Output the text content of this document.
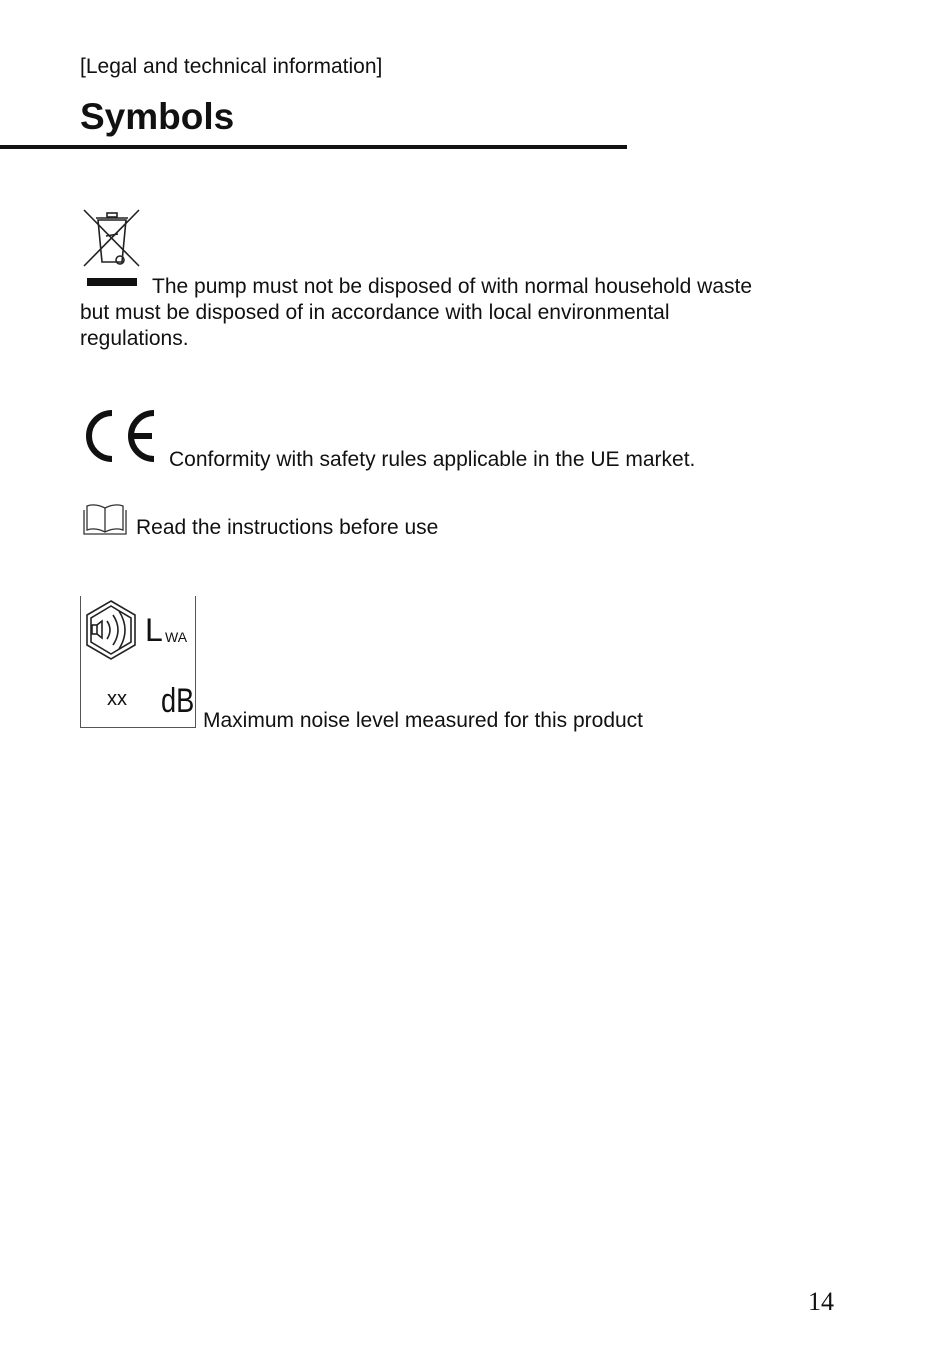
[Legal and technical information]
Symbols
The pump must not be disposed of with normal household waste
but must be disposed of in accordance with local environmental
regulations.
Conformity with safety rules applicable in the UE market.
Read the instructions before use
L WA
xx dB
Maximum noise level measured for this product
14
